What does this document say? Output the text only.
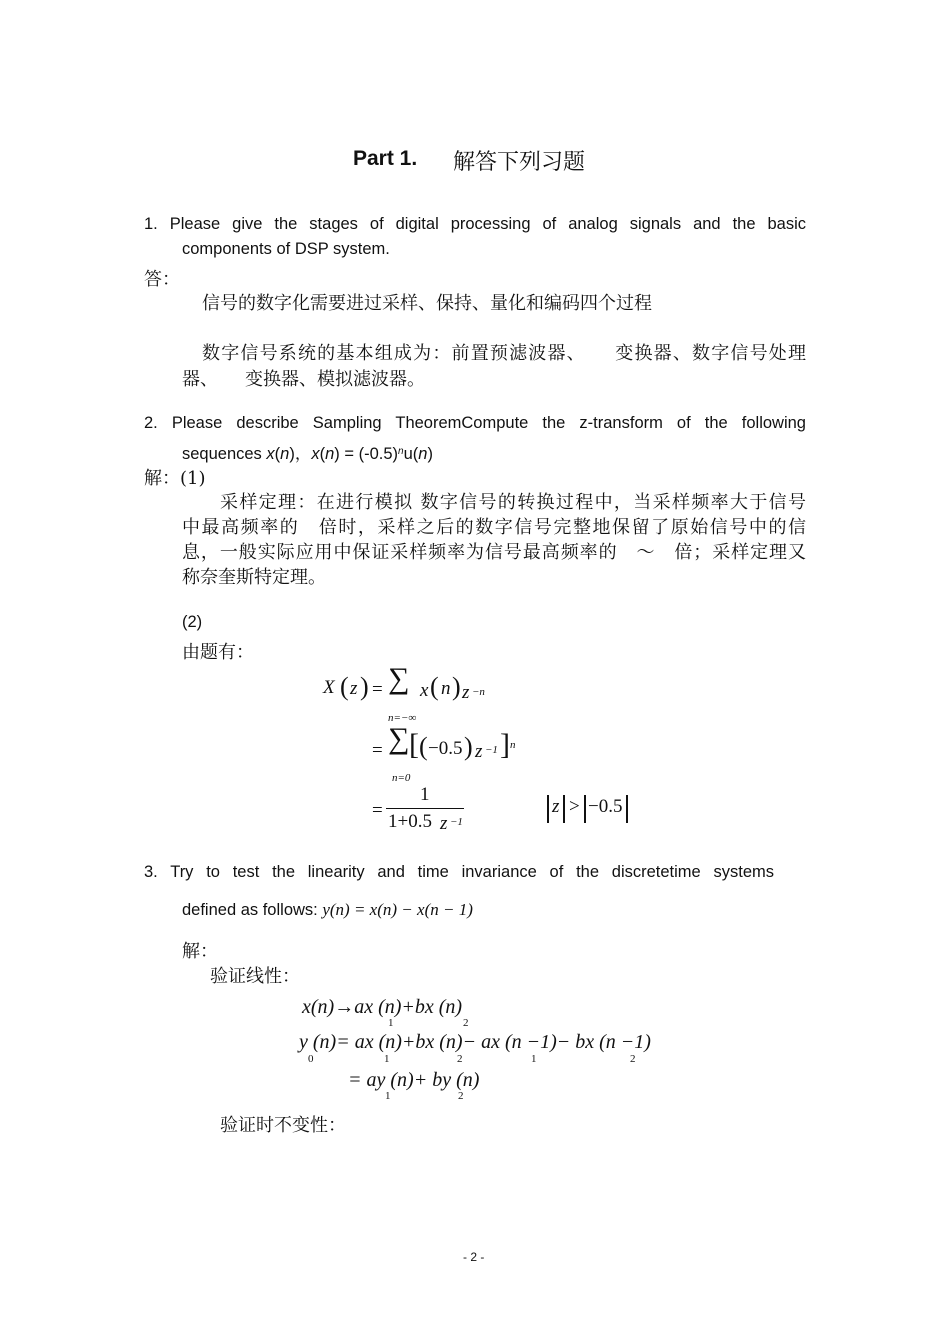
Part 1. 解答下列习题
1. Please give the stages of digital processing of analog signals and the basic
components of DSP system.
答：
信号的数字化需要进过采样、保持、量化和编码四个过程
数字信号系统的基本组成为：前置预滤波器、　　变换器、数字信号处理
器、　　变换器、模拟滤波器。
2. Please describe Sampling TheoremCompute the z-transform of the following
sequences x(n)，$x(n) = (-0.5)^nu(n)$
解：(1)
采样定理：在进行模拟 数字信号的转换过程中，当采样频率大于信号
中最高频率的　倍时，采样之后的数字信号完整地保留了原始信号中的信
息，一般实际应用中保证采样频率为信号最高频率的　～　倍；采样定理又
称奈奎斯特定理。
(2)
由题有：
X ( z ) = ∑ x ( n ) z −n
n=−∞
= ∑ [ ( −0.5 ) z −1 ] n
n=0
=
1
1+0.5 z −1
z > −0.5
3. Try to test the linearity and time invariance of the discretetime systems
defined as follows: y(n) = x(n) − x(n − 1)
解：
验证线性：
x(n)→ax (n)+bx (n)
1	2
y (n)= ax (n)+bx (n)− ax (n −1)− bx (n −1)
0	1	2	1	2
= ay (n)+ by (n)
1	2
验证时不变性：
- 2 -
